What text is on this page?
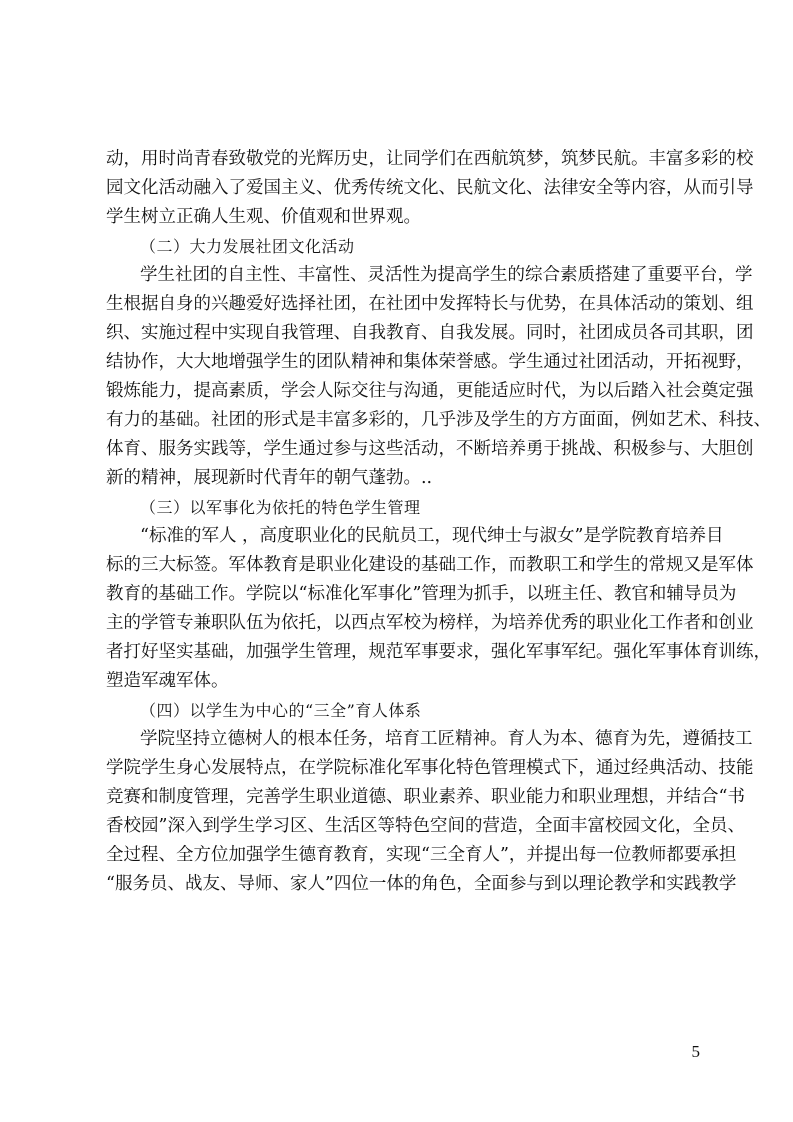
动，用时尚青春致敬党的光辉历史，让同学们在西航筑梦，筑梦民航。丰富多彩的校
园文化活动融入了爱国主义、优秀传统文化、民航文化、法律安全等内容，从而引导
学生树立正确人生观、价值观和世界观。
（二）大力发展社团文化活动
学生社团的自主性、丰富性、灵活性为提高学生的综合素质搭建了重要平台，学
生根据自身的兴趣爱好选择社团，在社团中发挥特长与优势，在具体活动的策划、组
织、实施过程中实现自我管理、自我教育、自我发展。同时，社团成员各司其职，团
结协作，大大地增强学生的团队精神和集体荣誉感。学生通过社团活动，开拓视野，
锻炼能力，提高素质，学会人际交往与沟通，更能适应时代，为以后踏入社会奠定强
有力的基础。社团的形式是丰富多彩的，几乎涉及学生的方方面面，例如艺术、科技、
体育、服务实践等，学生通过参与这些活动，不断培养勇于挑战、积极参与、大胆创
新的精神，展现新时代青年的朝气蓬勃。..
（三）以军事化为依托的特色学生管理
“标准的军人 ，高度职业化的民航员工，现代绅士与淑女”是学院教育培养目
标的三大标签。军体教育是职业化建设的基础工作，而教职工和学生的常规又是军体
教育的基础工作。学院以“标准化军事化”管理为抓手，以班主任、教官和辅导员为
主的学管专兼职队伍为依托，以西点军校为榜样，为培养优秀的职业化工作者和创业
者打好坚实基础，加强学生管理，规范军事要求，强化军事军纪。强化军事体育训练，
塑造军魂军体。
（四）以学生为中心的“三全”育人体系
学院坚持立德树人的根本任务，培育工匠精神。育人为本、德育为先，遵循技工
学院学生身心发展特点，在学院标准化军事化特色管理模式下，通过经典活动、技能
竞赛和制度管理，完善学生职业道德、职业素养、职业能力和职业理想，并结合“书
香校园”深入到学生学习区、生活区等特色空间的营造，全面丰富校园文化，全员、
全过程、全方位加强学生德育教育，实现“三全育人”，并提出每一位教师都要承担
“服务员、战友、导师、家人”四位一体的角色，全面参与到以理论教学和实践教学
5
